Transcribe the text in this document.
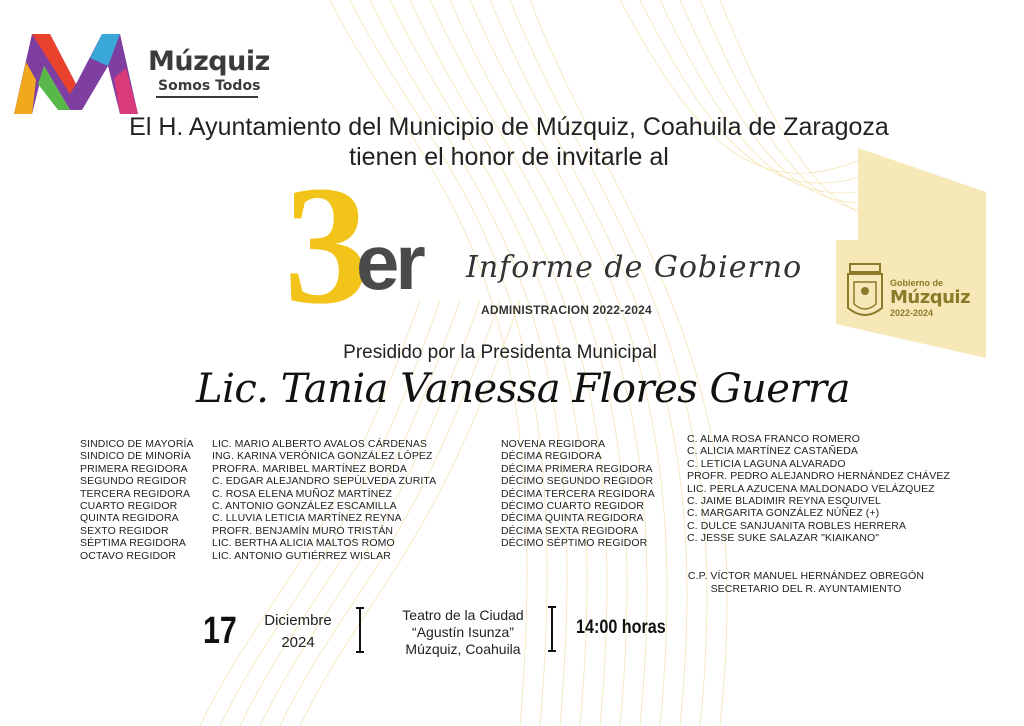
Múzquiz
Somos Todos
El H. Ayuntamiento del Municipio de Múzquiz, Coahuila de Zaragoza
tienen el honor de invitarle al
3
er Informe de Gobierno
ADMINISTRACION 2022-2024
Gobierno de
Múzquiz
2022-2024
Presidido por la Presidenta Municipal
Lic. Tania Vanessa Flores Guerra
SINDICO DE MAYORÍA
SINDICO DE MINORÍA
PRIMERA REGIDORA
SEGUNDO REGIDOR
TERCERA REGIDORA
CUARTO REGIDOR
QUINTA REGIDORA
SEXTO REGIDOR
SÉPTIMA REGIDORA
OCTAVO REGIDOR
LIC. MARIO ALBERTO AVALOS CÁRDENAS
ING. KARINA VERÓNICA GONZÁLEZ LÓPEZ
PROFRA. MARIBEL MARTÍNEZ BORDA
C. EDGAR ALEJANDRO SEPÚLVEDA ZURITA
C. ROSA ELENA MUÑOZ MARTÍNEZ
C. ANTONIO GONZÁLEZ ESCAMILLA
C. LLUVIA LETICIA MARTÍNEZ REYNA
PROFR. BENJAMÍN MURO TRISTÁN
LIC. BERTHA ALICIA MALTOS ROMO
LIC. ANTONIO GUTIÉRREZ WISLAR
NOVENA REGIDORA
DÉCIMA REGIDORA
DÉCIMA PRIMERA REGIDORA
DÉCIMO SEGUNDO REGIDOR
DÉCIMA TERCERA REGIDORA
DÉCIMO CUARTO REGIDOR
DÉCIMA QUINTA REGIDORA
DÉCIMA SEXTA REGIDORA
DÉCIMO SÉPTIMO REGIDOR
C. ALMA ROSA FRANCO ROMERO
C. ALICIA MARTÍNEZ CASTAÑEDA
C. LETICIA LAGUNA ALVARADO
PROFR. PEDRO ALEJANDRO HERNÁNDEZ CHÁVEZ
LIC. PERLA AZUCENA MALDONADO VELÁZQUEZ
C. JAIME BLADIMIR REYNA ESQUIVEL
C. MARGARITA GONZÁLEZ NÚÑEZ (+)
C. DULCE SANJUANITA ROBLES HERRERA
C. JESSE SUKE SALAZAR "KIAIKANO"
C.P. VÍCTOR MANUEL HERNÁNDEZ OBREGÓN
SECRETARIO DEL R. AYUNTAMIENTO
17	Diciembre
2024
Teatro de la Ciudad
“Agustín Isunza”
Múzquiz, Coahuila
14:00 horas
